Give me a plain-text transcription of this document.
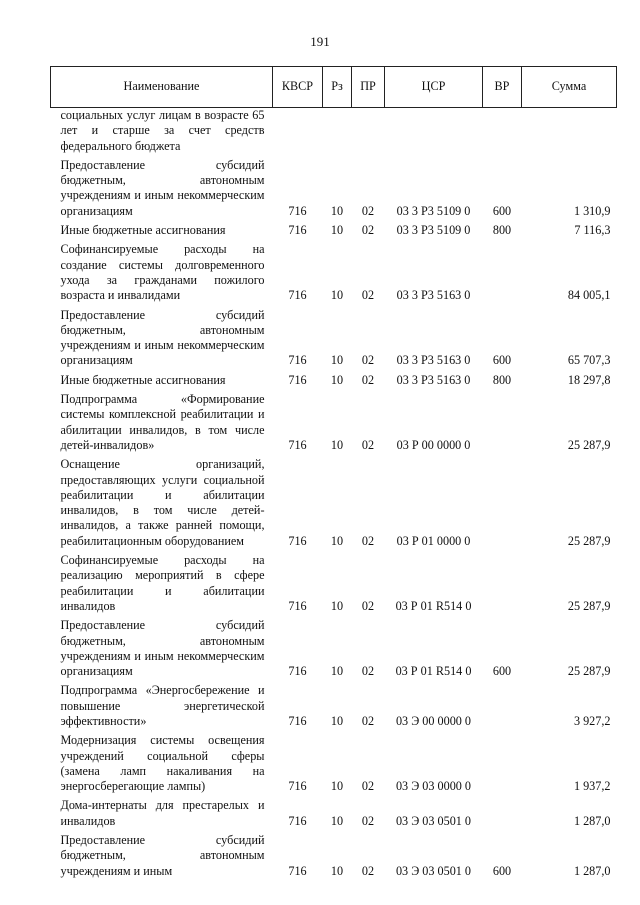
191
Наименование	КВСР	Рз	ПР	ЦСР	ВР	Сумма
социальных услуг лицам в возрасте 65 лет и старше за счет средств федерального бюджета						
Предоставление субсидий бюджетным, автономным учреждениям и иным некоммерческим организациям	716	10	02	03 3 Р3 5109 0	600	1 310,9
Иные бюджетные ассигнования	716	10	02	03 3 Р3 5109 0	800	7 116,3
Софинансируемые расходы на создание системы долговременного ухода за гражданами пожилого возраста и инвалидами	716	10	02	03 3 Р3 5163 0		84 005,1
Предоставление субсидий бюджетным, автономным учреждениям и иным некоммерческим организациям	716	10	02	03 3 Р3 5163 0	600	65 707,3
Иные бюджетные ассигнования	716	10	02	03 3 Р3 5163 0	800	18 297,8
Подпрограмма «Формирование системы комплексной реабилитации и абилитации инвалидов, в том числе детей-инвалидов»	716	10	02	03 Р 00 0000 0		25 287,9
Оснащение организаций, предоставляющих услуги социальной реабилитации и абилитации инвалидов, в том числе детей-инвалидов, а также ранней помощи, реабилитационным оборудованием	716	10	02	03 Р 01 0000 0		25 287,9
Софинансируемые расходы на реализацию мероприятий в сфере реабилитации и абилитации инвалидов	716	10	02	03 Р 01 R514 0		25 287,9
Предоставление субсидий бюджетным, автономным учреждениям и иным некоммерческим организациям	716	10	02	03 Р 01 R514 0	600	25 287,9
Подпрограмма «Энергосбережение и повышение энергетической эффективности»	716	10	02	03 Э 00 0000 0		3 927,2
Модернизация системы освещения учреждений социальной сферы (замена ламп накаливания на энергосберегающие лампы)	716	10	02	03 Э 03 0000 0		1 937,2
Дома-интернаты для престарелых и инвалидов	716	10	02	03 Э 03 0501 0		1 287,0
Предоставление субсидий бюджетным, автономным учреждениям и иным	716	10	02	03 Э 03 0501 0	600	1 287,0
